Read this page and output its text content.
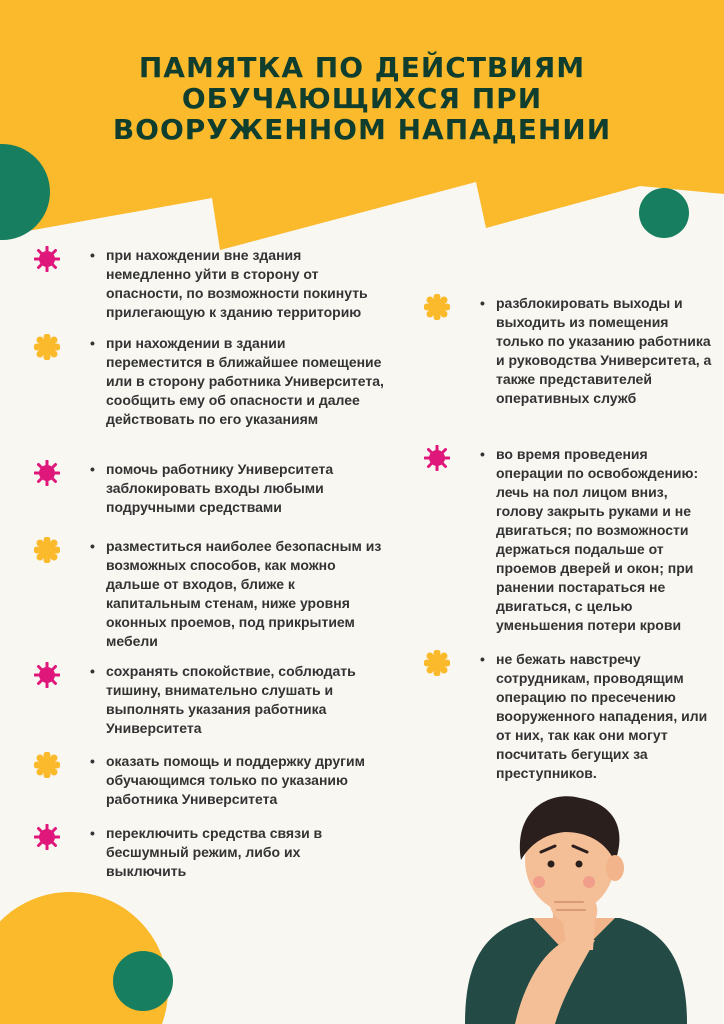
ПАМЯТКА ПО ДЕЙСТВИЯМ
ОБУЧАЮЩИХСЯ ПРИ
ВООРУЖЕННОМ НАПАДЕНИИ

• при нахождении вне здания немедленно уйти в сторону от опасности, по возможности покинуть прилегающую к зданию территорию

• при нахождении в здании переместится в ближайшее помещение или в сторону работника Университета, сообщить ему об опасности и далее действовать по его указаниям

• помочь работнику Университета заблокировать входы любыми подручными средствами

• разместиться наиболее безопасным из возможных способов, как можно дальше от входов, ближе к капитальным стенам, ниже уровня оконных проемов, под прикрытием мебели

• сохранять спокойствие, соблюдать тишину, внимательно слушать и выполнять указания работника Университета

• оказать помощь и поддержку другим обучающимся только по указанию работника Университета

• переключить средства связи в бесшумный режим, либо их выключить

• разблокировать выходы и выходить из помещения только по указанию работника и руководства Университета, а также представителей оперативных служб

• во время проведения операции по освобождению: лечь на пол лицом вниз, голову закрыть руками и не двигаться; по возможности держаться подальше от проемов дверей и окон; при ранении постараться не двигаться, с целью уменьшения потери крови

• не бежать навстречу сотрудникам, проводящим операцию по пресечению вооруженного нападения, или от них, так как они могут посчитать бегущих за преступников.
